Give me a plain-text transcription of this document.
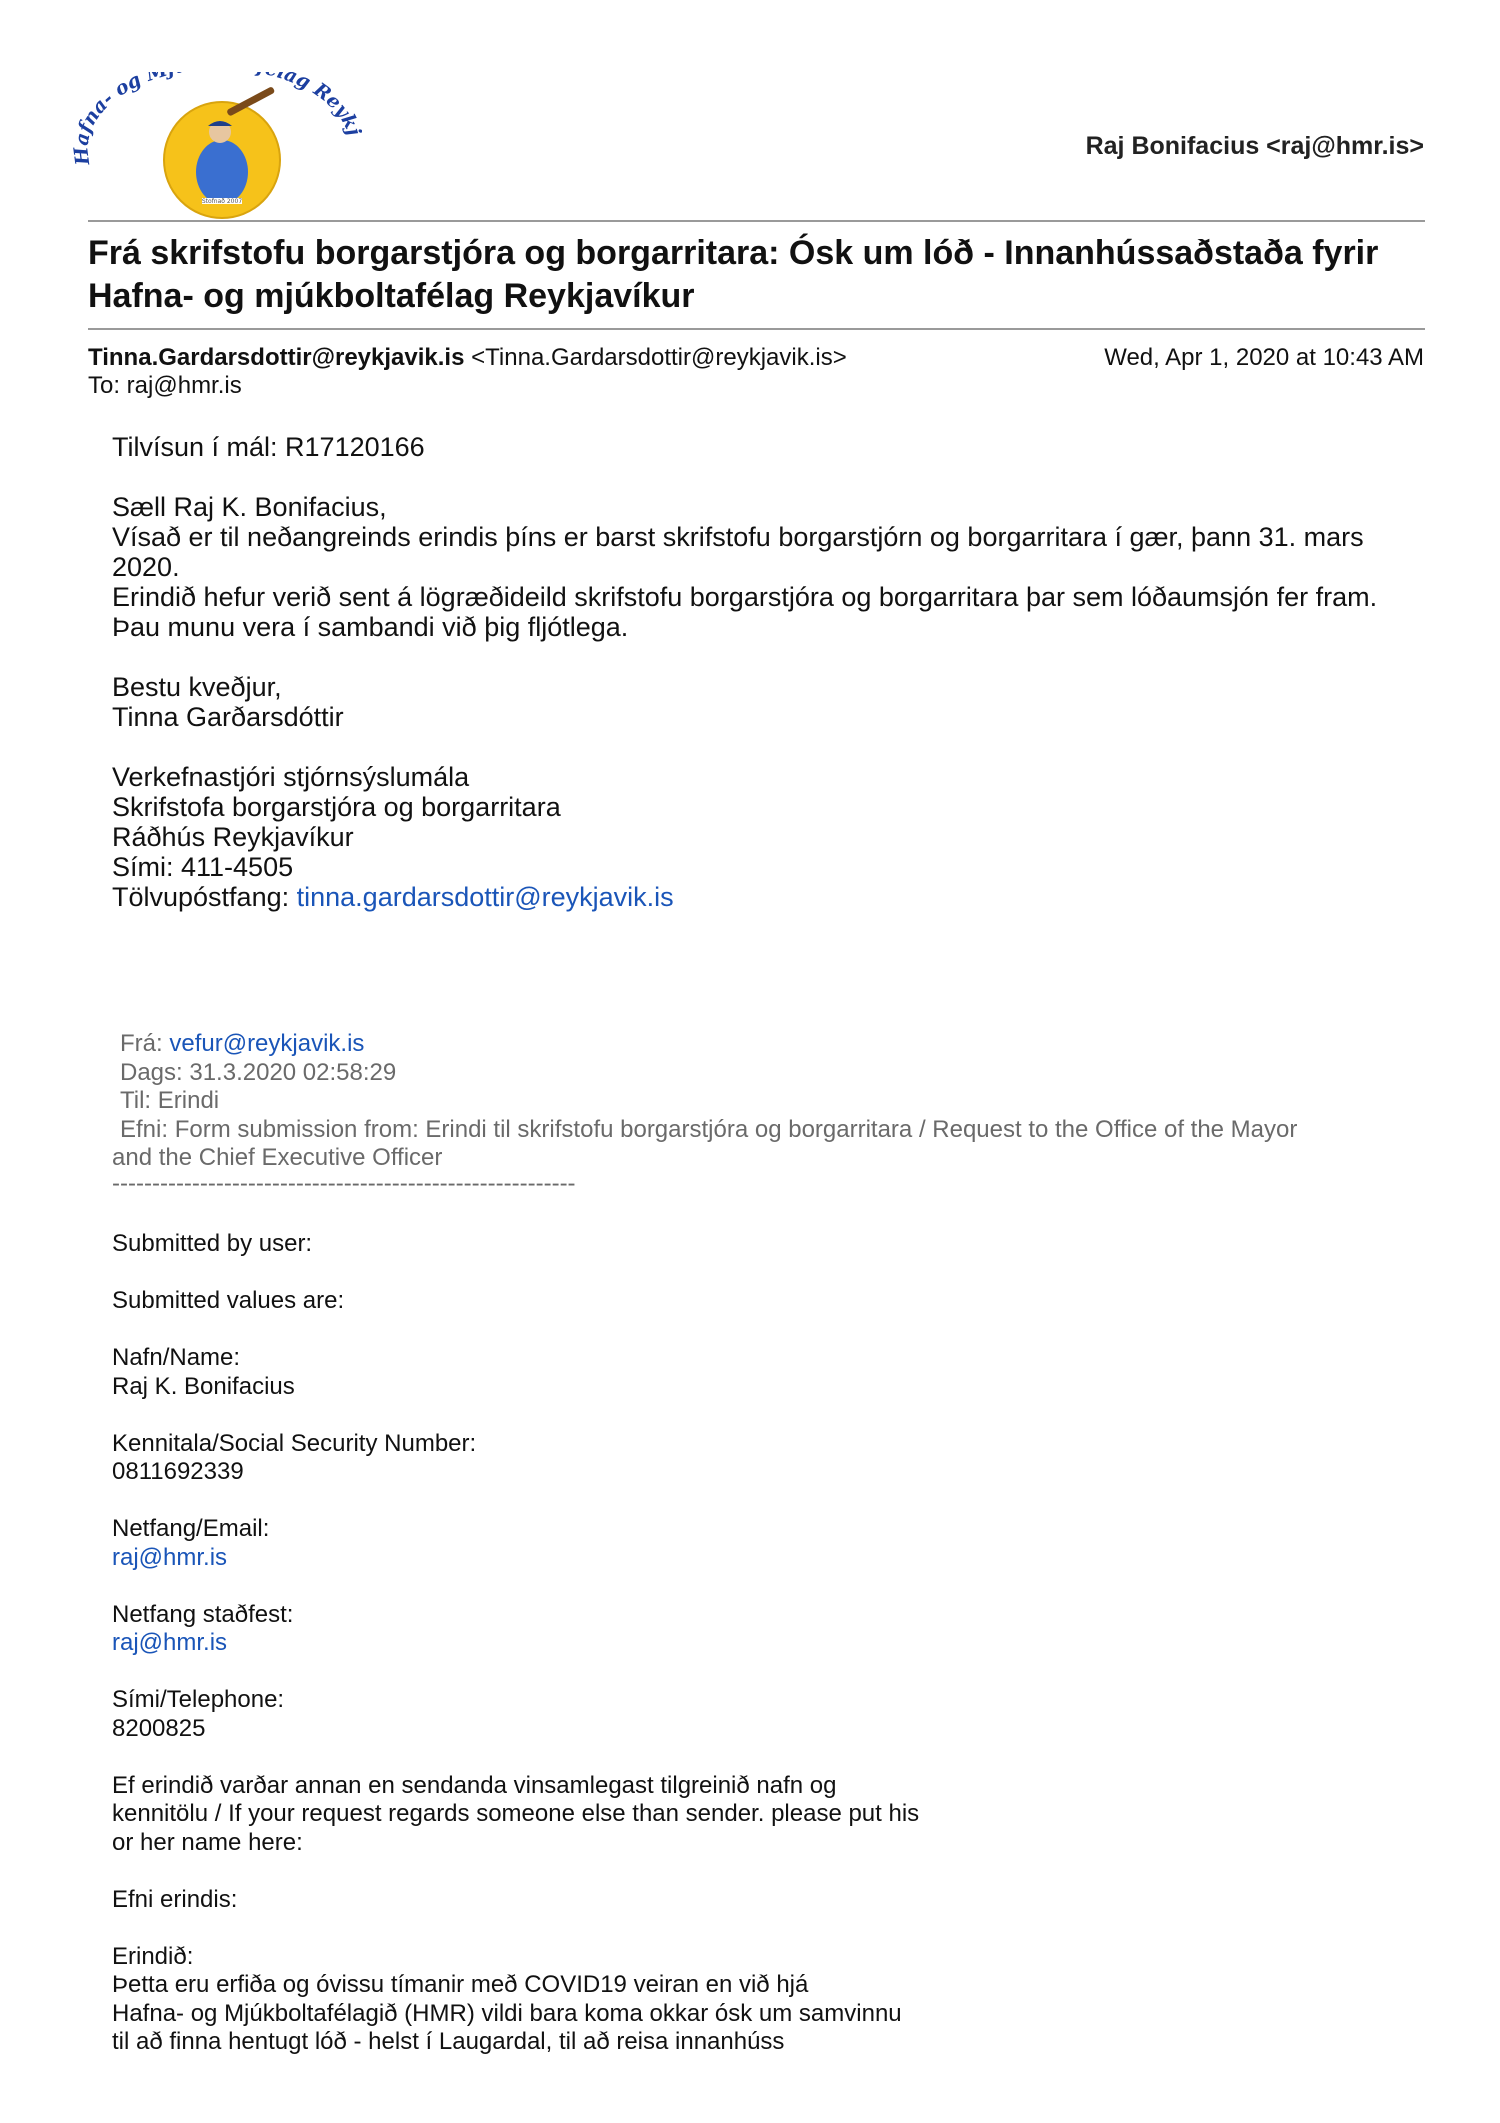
Stofnað 2007
Hafna- og M lag Reyk
Raj Bonifacius <raj@hmr.is>
Frá skrifstofu borgarstjóra og borgarritara: Ósk um lóð - Innanhússaðstaða fyrir Hafna- og mjúkboltafélag Reykjavíkur
Tinna.Gardarsdottir@reykjavik.is <Tinna.Gardarsdottir@reykjavik.is>	Wed, Apr 1, 2020 at 10:43 AM
To: raj@hmr.is

Tilvísun í mál: R17120166

Sæll Raj K. Bonifacius,

Vísað er til neðangreinds erindis þíns er barst skrifstofu borgarstjórn og borgarritara í gær, þann 31. mars 2020.

Erindið hefur verið sent á lögræðideild skrifstofu borgarstjóra og borgarritara þar sem lóðaumsjón fer fram. Þau munu vera í sambandi við þig fljótlega.

Bestu kveðjur,

Tinna Garðarsdóttir

Verkefnastjóri stjórnsýslumála

Skrifstofa borgarstjóra og borgarritara

Ráðhús Reykjavíkur

Sími: 411-4505

Tölvupóstfang: tinna.gardarsdottir@reykjavik.is

Frá: vefur@reykjavik.is
Dags: 31.3.2020 02:58:29
Til: Erindi
Efni: Form submission from: Erindi til skrifstofu borgarstjóra og borgarritara / Request to the Office of the Mayor
and the Chief Executive Officer
----------------------------------------------------------

Submitted by user:

Submitted values are:

Nafn/Name:

Raj K. Bonifacius

Kennitala/Social Security Number:

0811692339

Netfang/Email:

raj@hmr.is

Netfang staðfest:

raj@hmr.is

Sími/Telephone:

8200825

Ef erindið varðar annan en sendanda vinsamlegast tilgreinið nafn og

kennitölu / If your request regards someone else than sender. please put his

or her name here:

Efni erindis:

Erindið:

Þetta eru erfiða og óvissu tímanir með COVID19 veiran en við hjá

Hafna- og Mjúkboltafélagið (HMR) vildi bara koma okkar ósk um samvinnu

til að finna hentugt lóð - helst í Laugardal, til að reisa innanhúss
